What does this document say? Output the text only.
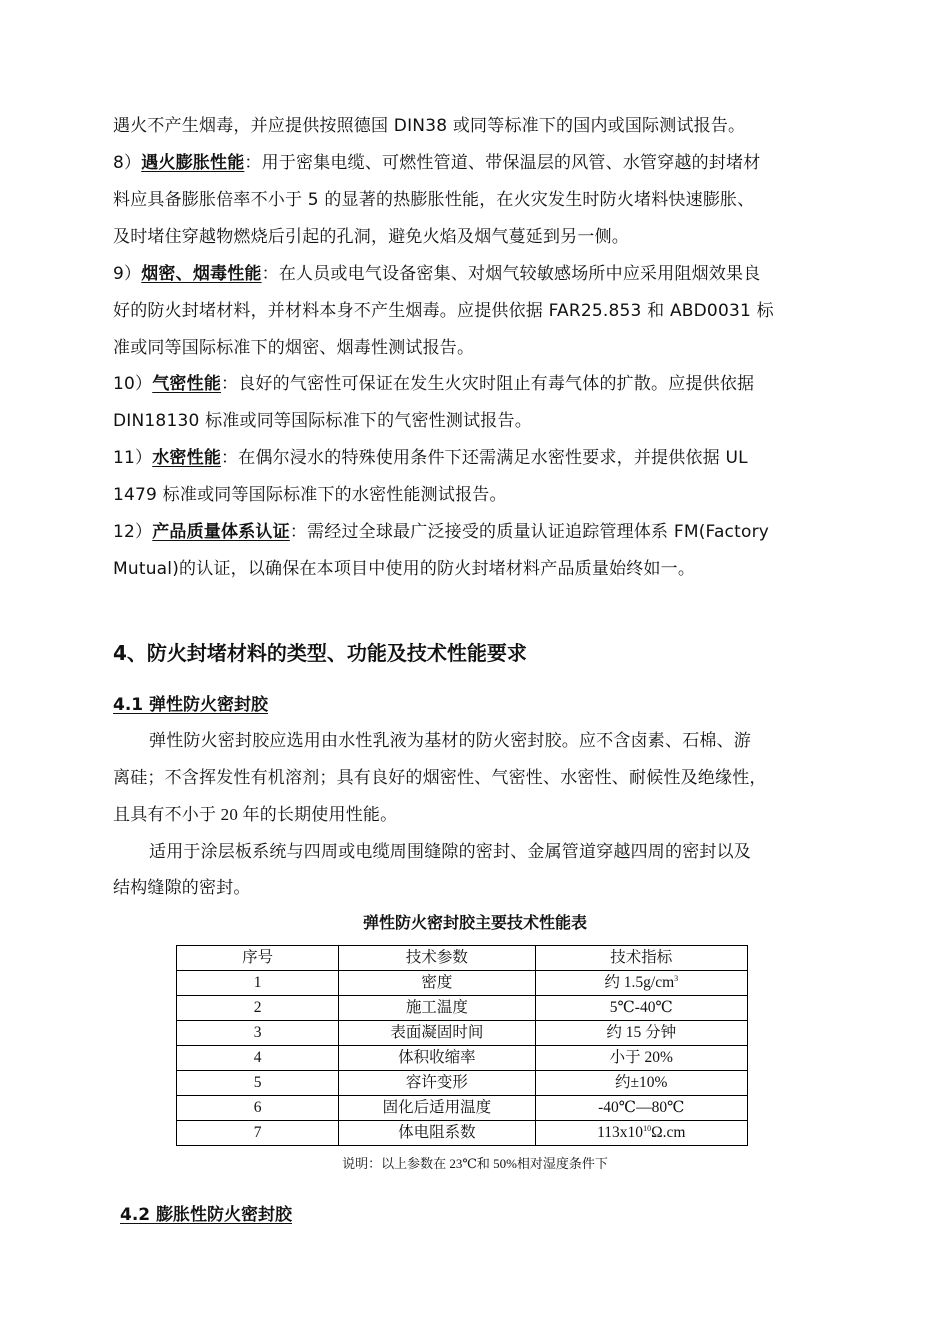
遇火不产生烟毒，并应提供按照德国 DIN38 或同等标准下的国内或国际测试报告。
8）遇火膨胀性能：用于密集电缆、可燃性管道、带保温层的风管、水管穿越的封堵材
料应具备膨胀倍率不小于 5 的显著的热膨胀性能，在火灾发生时防火堵料快速膨胀、
及时堵住穿越物燃烧后引起的孔洞，避免火焰及烟气蔓延到另一侧。
9）烟密、烟毒性能：在人员或电气设备密集、对烟气较敏感场所中应采用阻烟效果良
好的防火封堵材料，并材料本身不产生烟毒。应提供依据 FAR25.853 和 ABD0031 标
准或同等国际标准下的烟密、烟毒性测试报告。
10）气密性能：良好的气密性可保证在发生火灾时阻止有毒气体的扩散。应提供依据
DIN18130 标准或同等国际标准下的气密性测试报告。
11）水密性能：在偶尔浸水的特殊使用条件下还需满足水密性要求，并提供依据 UL
1479 标准或同等国际标准下的水密性能测试报告。
12）产品质量体系认证：需经过全球最广泛接受的质量认证追踪管理体系 FM(Factory
Mutual)的认证，以确保在本项目中使用的防火封堵材料产品质量始终如一。
4、防火封堵材料的类型、功能及技术性能要求
4.1 弹性防火密封胶
弹性防火密封胶应选用由水性乳液为基材的防火密封胶。应不含卤素、石棉、游
离硅；不含挥发性有机溶剂；具有良好的烟密性、气密性、水密性、耐候性及绝缘性，
且具有不小于 20 年的长期使用性能。
适用于涂层板系统与四周或电缆周围缝隙的密封、金属管道穿越四周的密封以及
结构缝隙的密封。
弹性防火密封胶主要技术性能表
序号	技术参数	技术指标
1	密度	约 $1.5g/cm^3$
2	施工温度	5℃-40℃
3	表面凝固时间	约 15 分钟
4	体积收缩率	小于 20%
5	容许变形	约±10%
6	固化后适用温度	-40℃—80℃
7	体电阻系数	$113x10^{10}\Omega.cm$
说明：以上参数在 23℃和 50%相对湿度条件下
4.2 膨胀性防火密封胶
